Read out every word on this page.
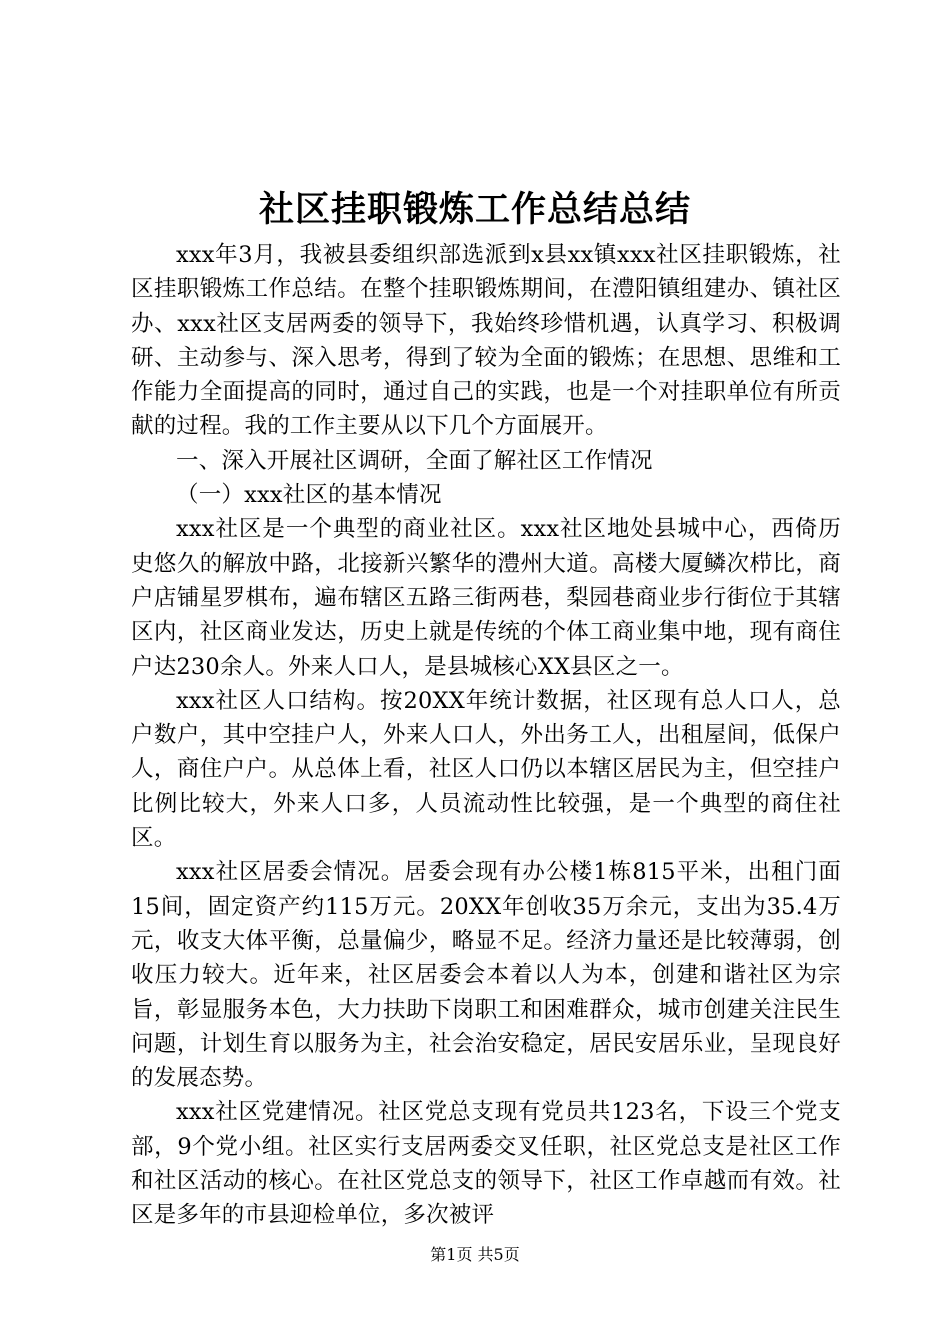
社区挂职锻炼工作总结总结

xxx年3月，我被县委组织部选派到x县xx镇xxx社区挂职锻炼，社区挂职锻炼工作总结。在整个挂职锻炼期间，在澧阳镇组建办、镇社区办、xxx社区支居两委的领导下，我始终珍惜机遇，认真学习、积极调研、主动参与、深入思考，得到了较为全面的锻炼；在思想、思维和工作能力全面提高的同时，通过自己的实践，也是一个对挂职单位有所贡献的过程。我的工作主要从以下几个方面展开。

一、深入开展社区调研，全面了解社区工作情况

（一）xxx社区的基本情况

xxx社区是一个典型的商业社区。xxx社区地处县城中心，西倚历史悠久的解放中路，北接新兴繁华的澧州大道。高楼大厦鳞次栉比，商户店铺星罗棋布，遍布辖区五路三街两巷，梨园巷商业步行街位于其辖区内，社区商业发达，历史上就是传统的个体工商业集中地，现有商住户达230余人。外来人口人，是县城核心XX县区之一。

xxx社区人口结构。按20XX年统计数据，社区现有总人口人，总户数户，其中空挂户人，外来人口人，外出务工人，出租屋间，低保户人，商住户户。从总体上看，社区人口仍以本辖区居民为主，但空挂户比例比较大，外来人口多，人员流动性比较强，是一个典型的商住社区。

xxx社区居委会情况。居委会现有办公楼1栋815平米，出租门面15间，固定资产约115万元。20XX年创收35万余元，支出为35.4万元，收支大体平衡，总量偏少，略显不足。经济力量还是比较薄弱，创收压力较大。近年来，社区居委会本着以人为本，创建和谐社区为宗旨，彰显服务本色，大力扶助下岗职工和困难群众，城市创建关注民生问题，计划生育以服务为主，社会治安稳定，居民安居乐业，呈现良好的发展态势。

xxx社区党建情况。社区党总支现有党员共123名，下设三个党支部，9个党小组。社区实行支居两委交叉任职，社区党总支是社区工作和社区活动的核心。在社区党总支的领导下，社区工作卓越而有效。社区是多年的市县迎检单位，多次被评

第1页 共5页
